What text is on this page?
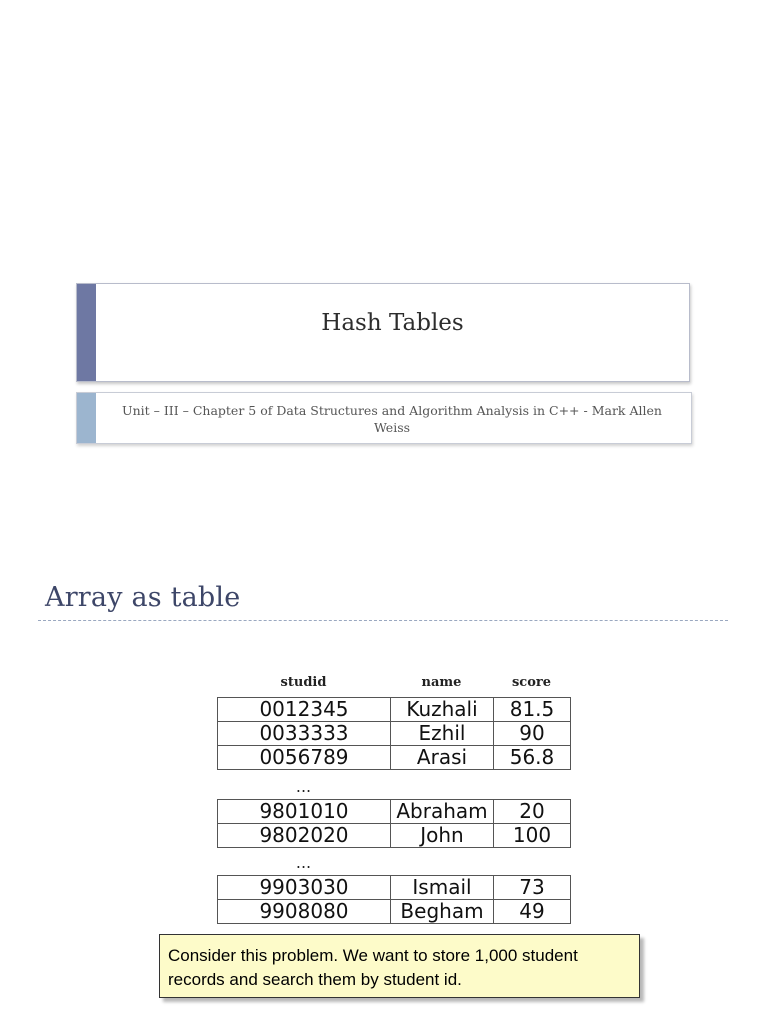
Hash Tables
Unit – III – Chapter 5 of Data Structures and Algorithm Analysis in C++ - Mark Allen Weiss
Array as table
studid	name	score
0012345	Kuzhali	81.5
0033333	Ezhil	90
0056789	Arasi	56.8
...
9801010	Abraham	20
9802020	John	100
...
9903030	Ismail	73
9908080	Begham	49
Consider this problem. We want to store 1,000 student records and search them by student id.
